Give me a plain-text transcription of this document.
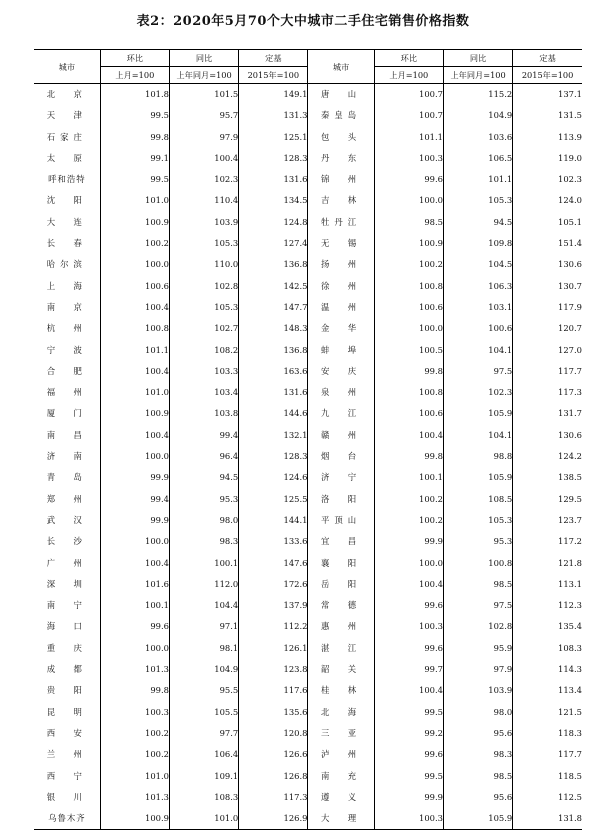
表2：2020年5月70个大中城市二手住宅销售价格指数
城市	环比	同比	定基	城市	环比	同比	定基
	上月=100	上年同月=100	2015年=100		上月=100	上年同月=100	2015年=100
北　京	101.8	101.5	149.1	唐　山	100.7	115.2	137.1
天　津	99.5	95.7	131.3	秦皇岛	100.7	104.9	131.5
石家庄	99.8	97.9	125.1	包　头	101.1	103.6	113.9
太　原	99.1	100.4	128.3	丹　东	100.3	106.5	119.0
呼和浩特	99.5	102.3	131.6	锦　州	99.6	101.1	102.3
沈　阳	101.0	110.4	134.5	吉　林	100.0	105.3	124.0
大　连	100.9	103.9	124.8	牡丹江	98.5	94.5	105.1
长　春	100.2	105.3	127.4	无　锡	100.9	109.8	151.4
哈尔滨	100.0	110.0	136.8	扬　州	100.2	104.5	130.6
上　海	100.6	102.8	142.5	徐　州	100.8	106.3	130.7
南　京	100.4	105.3	147.7	温　州	100.6	103.1	117.9
杭　州	100.8	102.7	148.3	金　华	100.0	100.6	120.7
宁　波	101.1	108.2	136.8	蚌　埠	100.5	104.1	127.0
合　肥	100.4	103.3	163.6	安　庆	99.8	97.5	117.7
福　州	101.0	103.4	131.6	泉　州	100.8	102.3	117.3
厦　门	100.9	103.8	144.6	九　江	100.6	105.9	131.7
南　昌	100.4	99.4	132.1	赣　州	100.4	104.1	130.6
济　南	100.0	96.4	128.3	烟　台	99.8	98.8	124.2
青　岛	99.9	94.5	124.6	济　宁	100.1	105.9	138.5
郑　州	99.4	95.3	125.5	洛　阳	100.2	108.5	129.5
武　汉	99.9	98.0	144.1	平顶山	100.2	105.3	123.7
长　沙	100.0	98.3	133.6	宜　昌	99.9	95.3	117.2
广　州	100.4	100.1	147.6	襄　阳	100.0	100.8	121.8
深　圳	101.6	112.0	172.6	岳　阳	100.4	98.5	113.1
南　宁	100.1	104.4	137.9	常　德	99.6	97.5	112.3
海　口	99.6	97.1	112.2	惠　州	100.3	102.8	135.4
重　庆	100.0	98.1	126.1	湛　江	99.6	95.9	108.3
成　都	101.3	104.9	123.8	韶　关	99.7	97.9	114.3
贵　阳	99.8	95.5	117.6	桂　林	100.4	103.9	113.4
昆　明	100.3	105.5	135.6	北　海	99.5	98.0	121.5
西　安	100.2	97.7	120.8	三　亚	99.2	95.6	118.3
兰　州	100.2	106.4	126.6	泸　州	99.6	98.3	117.7
西　宁	101.0	109.1	126.8	南　充	99.5	98.5	118.5
银　川	101.3	108.3	117.3	遵　义	99.9	95.6	112.5
乌鲁木齐	100.9	101.0	126.9	大　理	100.3	105.9	131.8
